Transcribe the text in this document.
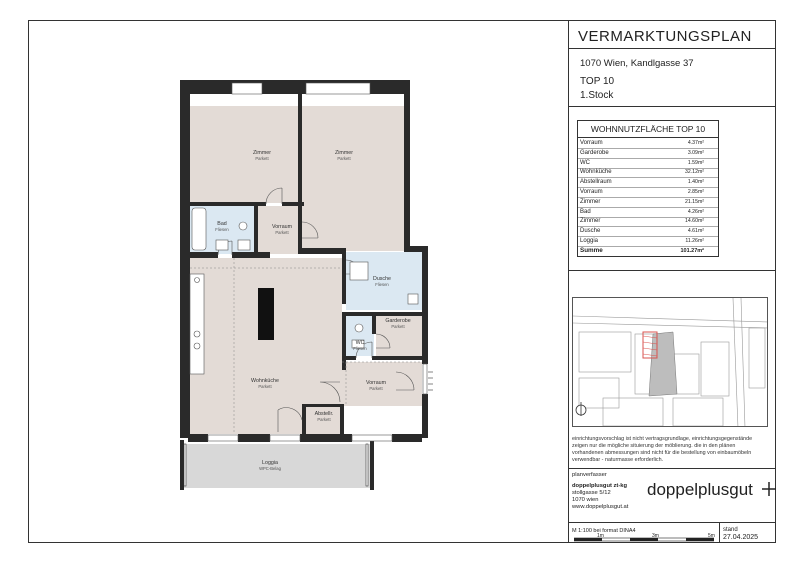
Zimmer
Parkett
Zimmer
Parkett
Bad
Fliesen	Vorraum
Parkett
Dusche
Fliesen
Garderobe
Parkett
WC
Fliesen
Wohnküche
Parkett
Vorraum
Parkett
Abstellr.
Parkett
Loggia
WPC-Belag
VERMARKTUNGSPLAN
1070 Wien, Kandlgasse 37
TOP 10
1.Stock
WOHNNUTZFLÄCHE TOP 10
Vorraum	4.37m²
Garderobe	3.09m²
WC	1.59m²
Wohnküche	32.12m²
Abstellraum	1.40m²
Vorraum	2.85m²
Zimmer	21.15m²
Bad	4.26m²
Zimmer	14.60m²
Dusche	4.61m²
Loggia	11.26m²
Summe	101.27m²
einrichtungsvorschlag ist nicht vertragsgrundlage, einrichtungsgegenstände zeigen nur die mögliche situierung der möblierung. die in den plänen vorhandenen abmessungen sind nicht für die bestellung von einbaumöbeln verwendbar - naturmasse erforderlich.
planverfasser
doppelplusgut zt-kg
stollgasse 5/12
1070 wien
www.doppelplusgut.at
doppelplusgut
M 1:100 bei format DINA4
1m	3m	5m
stand
27.04.2025
